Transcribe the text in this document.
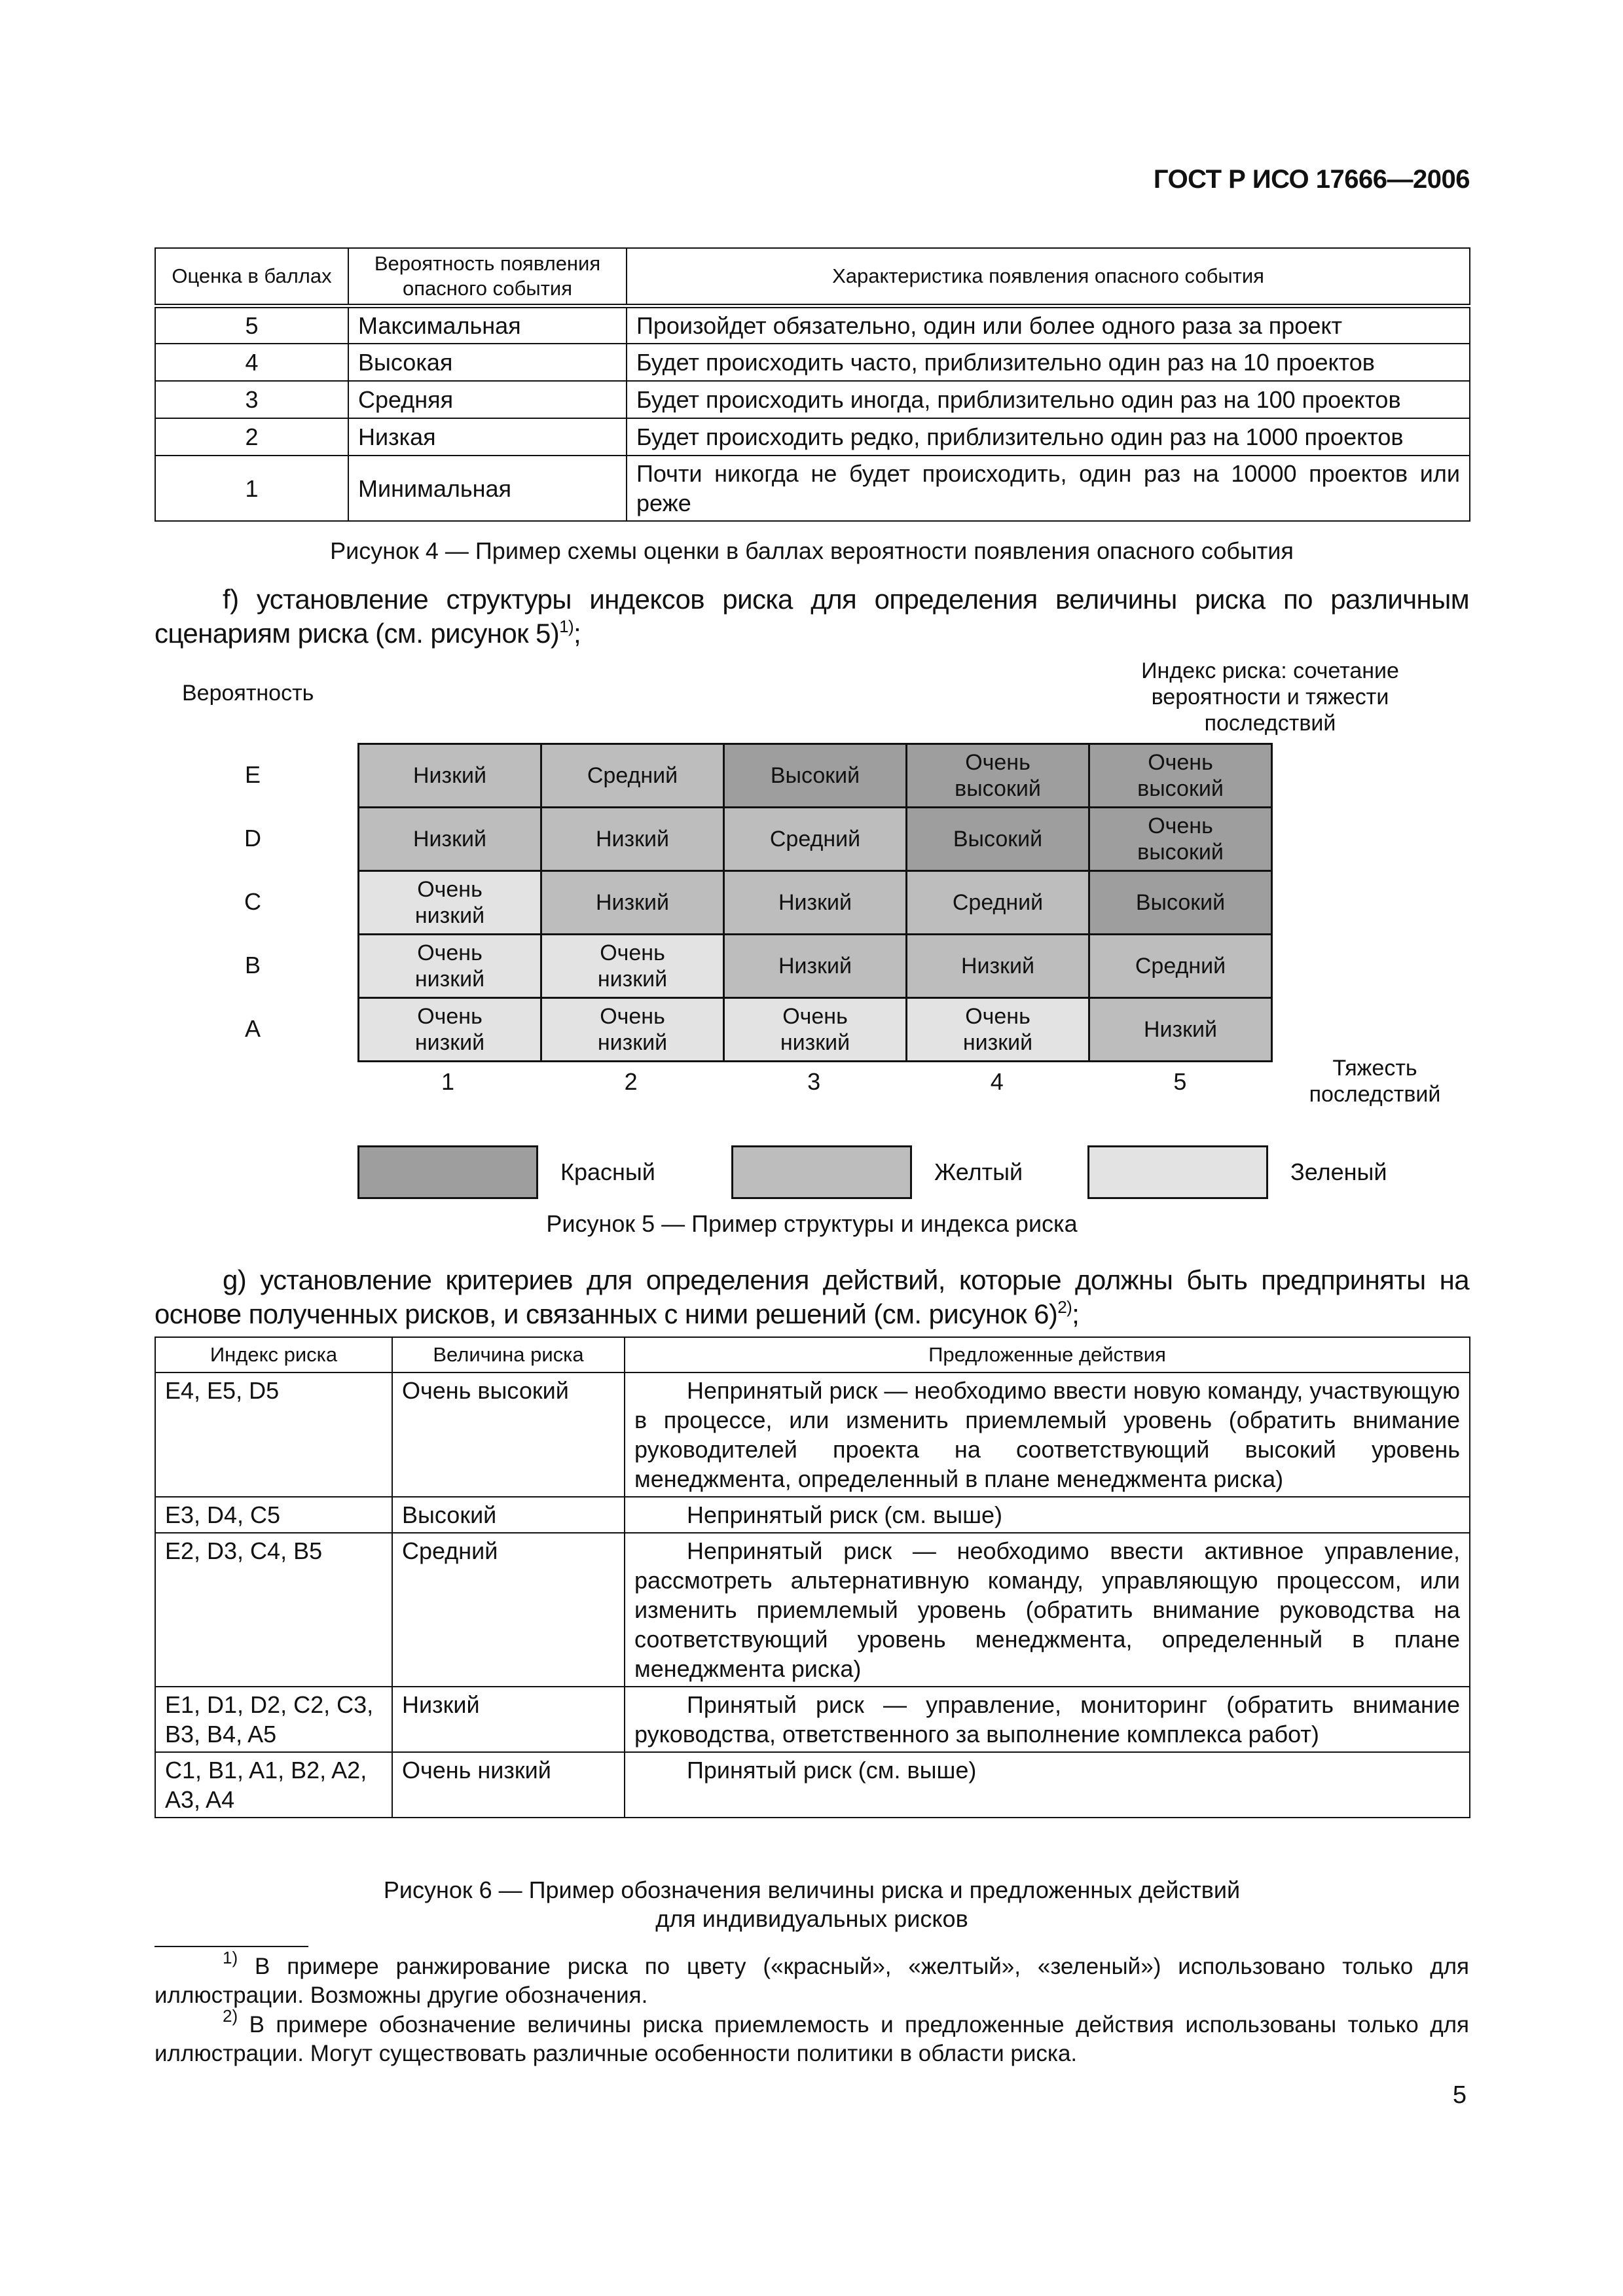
ГОСТ Р ИСО 17666—2006
Оценка в баллах	Вероятность появления опасного события	Характеристика появления опасного события
5	Максимальная	Произойдет обязательно, один или более одного раза за проект
4	Высокая	Будет происходить часто, приблизительно один раз на 10 проектов
3	Средняя	Будет происходить иногда, приблизительно один раз на 100 проектов
2	Низкая	Будет происходить редко, приблизительно один раз на 1000 проектов
1	Минимальная	Почти никогда не будет происходить, один раз на 10000 проектов или реже
Рисунок 4 — Пример схемы оценки в баллах вероятности появления опасного события
f) установление структуры индексов риска для определения величины риска по различным сценариям риска (см. рисунок 5)$^{1)}$;
Вероятность
Индекс риска: сочетание вероятности и тяжести последствий
E
D
C
B
A
Низкий	Средний	Высокий	Очень высокий	Очень высокий
Низкий	Низкий	Средний	Высокий	Очень высокий
Очень низкий	Низкий	Низкий	Средний	Высокий
Очень низкий	Очень низкий	Низкий	Низкий	Средний
Очень низкий	Очень низкий	Очень низкий	Очень низкий	Низкий
1	2	3	4	5	Тяжесть последствий
Красный	Желтый	Зеленый
Рисунок 5 — Пример структуры и индекса риска
g) установление критериев для определения действий, которые должны быть предприняты на основе полученных рисков, и связанных с ними решений (см. рисунок 6)$^{2)}$;
Индекс риска	Величина риска	Предложенные действия
E4, E5, D5	Очень высокий	Непринятый риск — необходимо ввести новую команду, участвующую в процессе, или изменить приемлемый уровень (обратить внимание руководителей проекта на соответствующий высокий уровень менеджмента, определенный в плане менеджмента риска)

E3, D4, C5	Высокий	Непринятый риск (см. выше)

E2, D3, C4, B5	Средний	Непринятый риск — необходимо ввести активное управление, рассмотреть альтернативную команду, управляющую процессом, или изменить приемлемый уровень (обратить внимание руководства на соответствующий уровень менеджмента, определенный в плане менеджмента риска)

E1, D1, D2, C2, C3, B3, B4, A5	Низкий	Принятый риск — управление, мониторинг (обратить внимание руководства, ответственного за выполнение комплекса работ)

C1, B1, A1, B2, A2, A3, A4	Очень низкий	Принятый риск (см. выше)
Рисунок 6 — Пример обозначения величины риска и предложенных действий
для индивидуальных рисков
$^{1)}$ В примере ранжирование риска по цвету («красный», «желтый», «зеленый») использовано только для иллюстрации. Возможны другие обозначения.
$^{2)}$ В примере обозначение величины риска приемлемость и предложенные действия использованы только для иллюстрации. Могут существовать различные особенности политики в области риска.
5
